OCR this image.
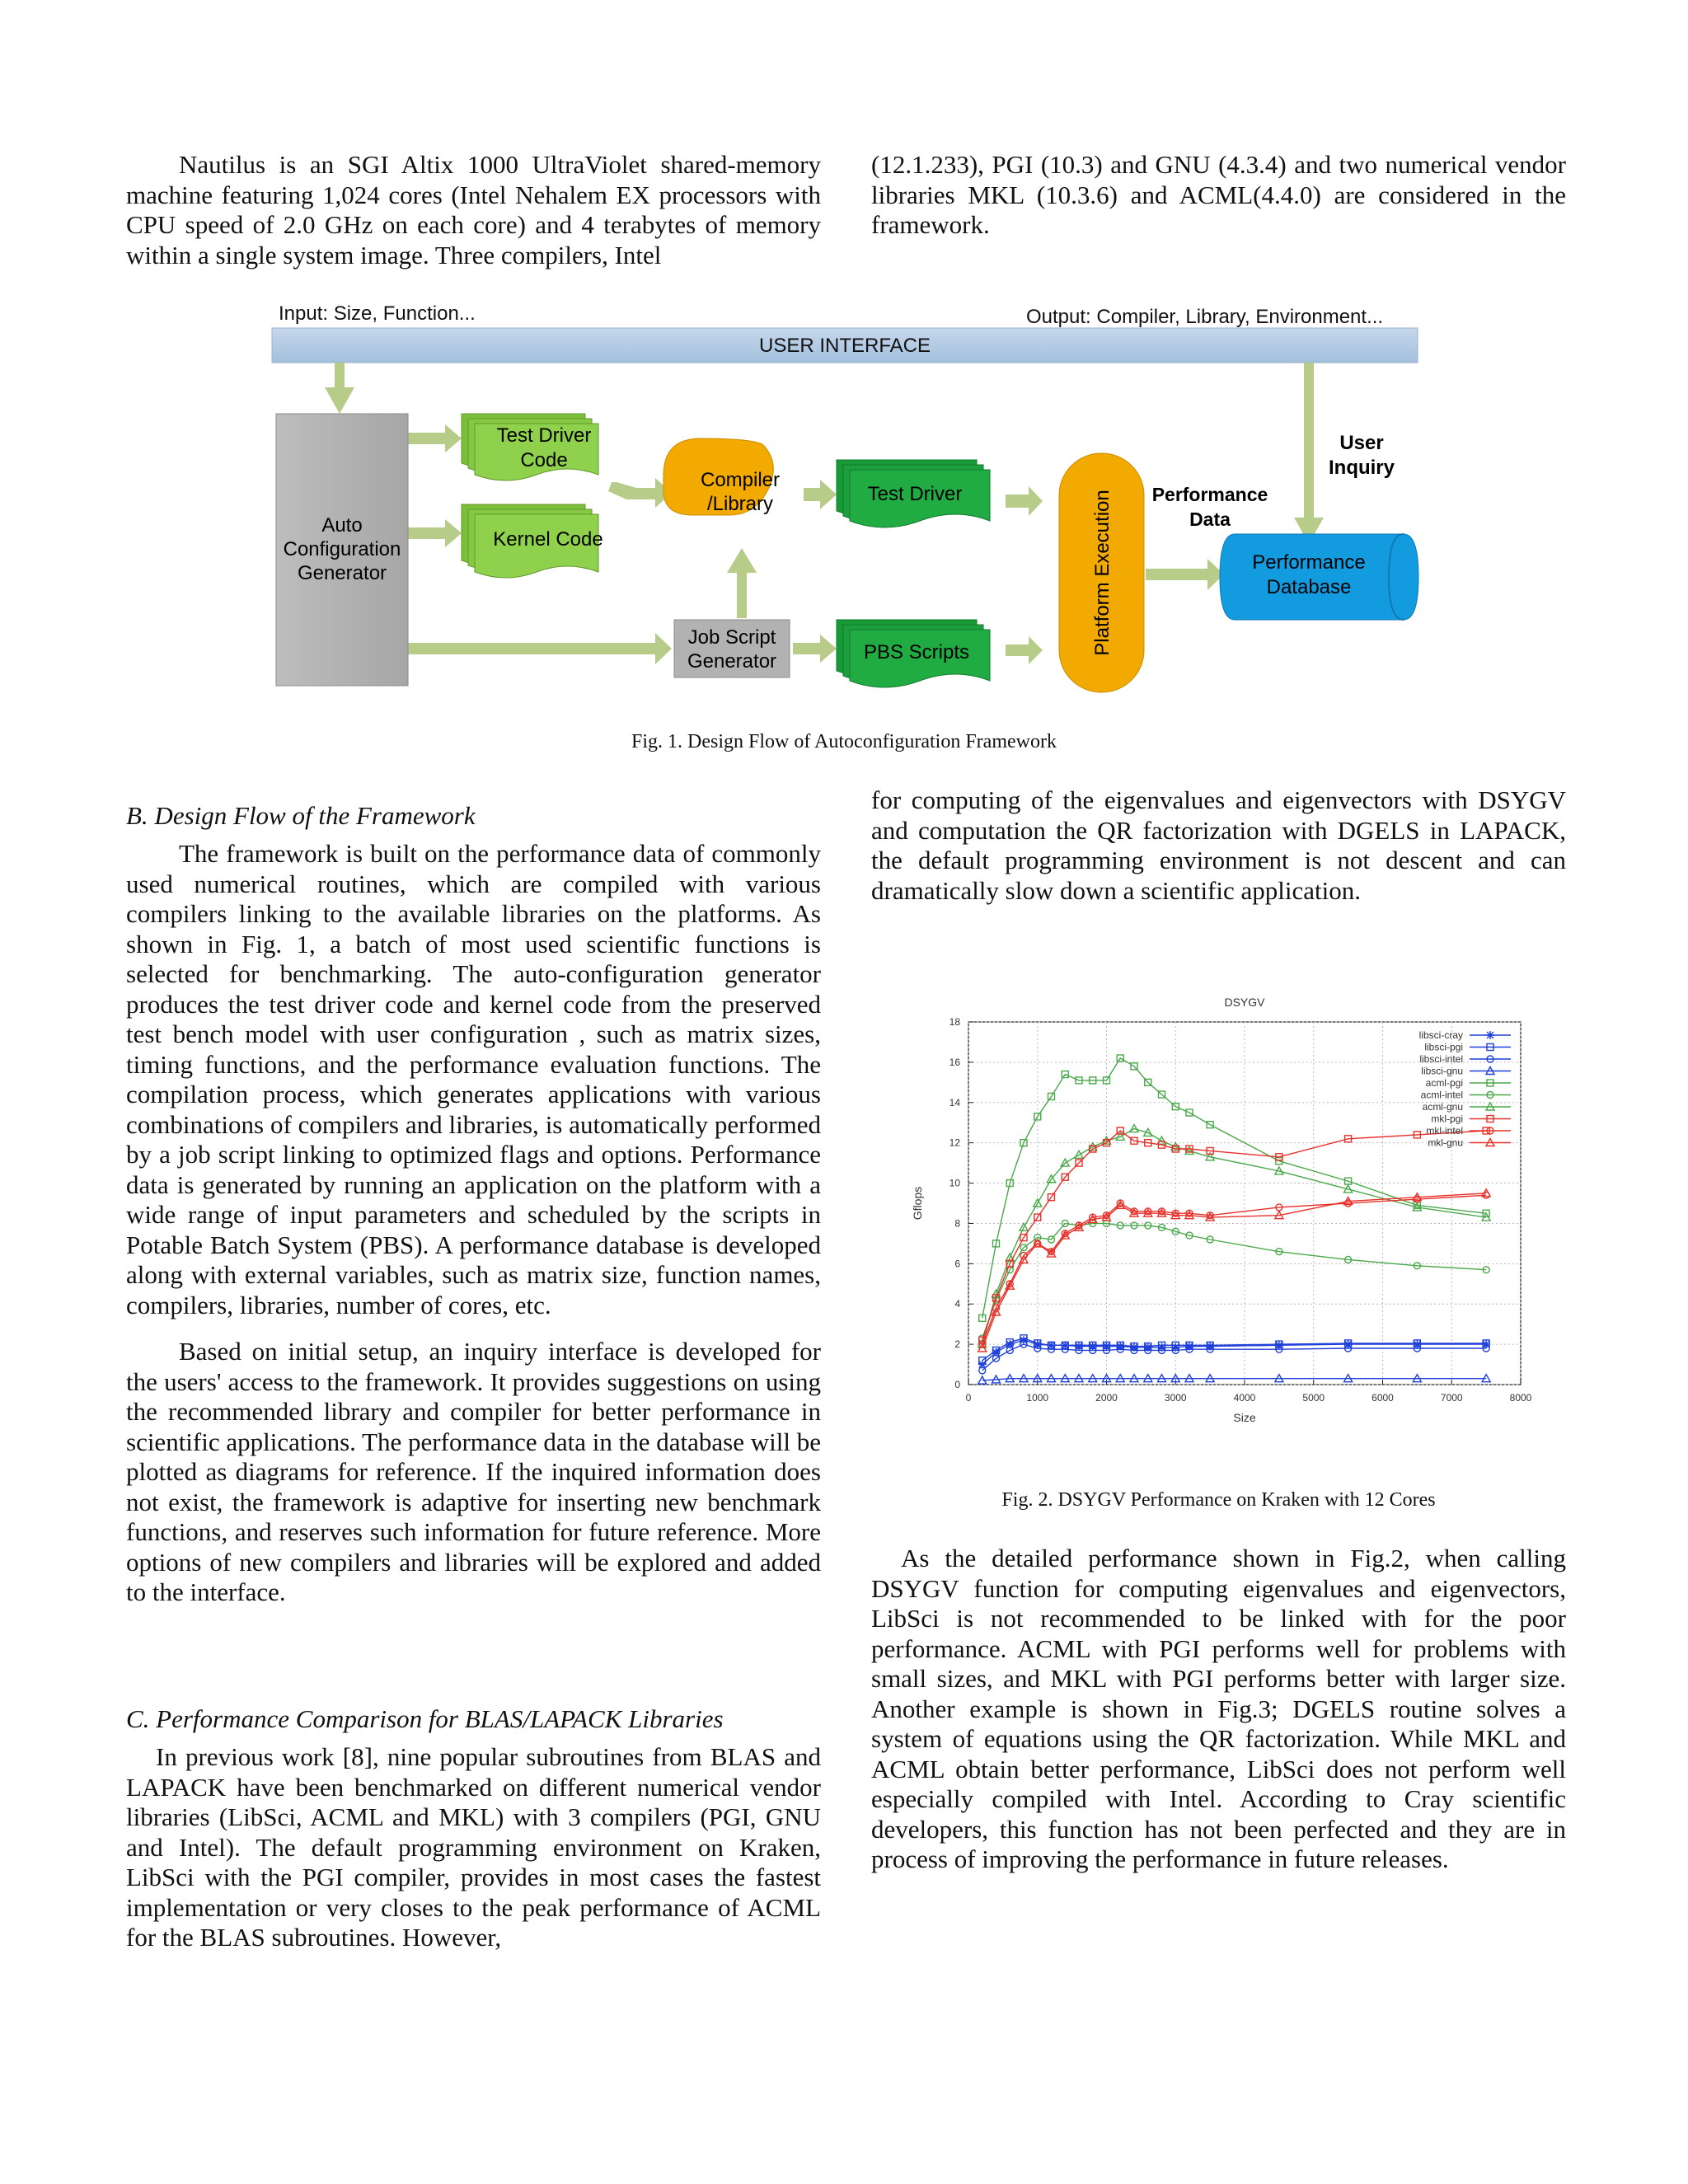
Nautilus is an SGI Altix 1000 UltraViolet shared-memory machine featuring 1,024 cores (Intel Nehalem EX processors with CPU speed of 2.0 GHz on each core) and 4 terabytes of memory within a single system image. Three compilers, Intel

(12.1.233), PGI (10.3) and GNU (4.3.4) and two numerical vendor libraries MKL (10.3.6) and ACML(4.4.0) are considered in the framework.

Input: Size, Function...	Output: Compiler, Library, Environment...
USER INTERFACE
Auto
Configuration
Generator
Test Driver
Code
Kernel Code
Compiler
/Library	Test Driver
Job Script
Generator	PBS Scripts	Platform Execution Performance
Data
User
Inquiry
Performance
Database
Fig. 1. Design Flow of Autoconfiguration Framework
B. Design Flow of the Framework

The framework is built on the performance data of commonly used numerical routines, which are compiled with various compilers linking to the available libraries on the platforms. As shown in Fig. 1, a batch of most used scientific functions is selected for benchmarking. The auto-configuration generator produces the test driver code and kernel code from the preserved test bench model with user configuration , such as matrix sizes, timing functions, and the performance evaluation functions. The compilation process, which generates applications with various combinations of compilers and libraries, is automatically performed by a job script linking to optimized flags and options. Performance data is generated by running an application on the platform with a wide range of input parameters and scheduled by the scripts in Potable Batch System (PBS). A performance database is developed along with external variables, such as matrix size, function names, compilers, libraries, number of cores, etc.

Based on initial setup, an inquiry interface is developed for the users' access to the framework. It provides suggestions on using the recommended library and compiler for better performance in scientific applications. The performance data in the database will be plotted as diagrams for reference. If the inquired information does not exist, the framework is adaptive for inserting new benchmark functions, and reserves such information for future reference. More options of new compilers and libraries will be explored and added to the interface.

C. Performance Comparison for BLAS/LAPACK Libraries

In previous work [8], nine popular subroutines from BLAS and LAPACK have been benchmarked on different numerical vendor libraries (LibSci, ACML and MKL) with 3 compilers (PGI, GNU and Intel). The default programming environment on Kraken, LibSci with the PGI compiler, provides in most cases the fastest implementation or very closes to the peak performance of ACML for the BLAS subroutines. However,

for computing of the eigenvalues and eigenvectors with DSYGV and computation the QR factorization with DGELS in LAPACK, the default programming environment is not descent and can dramatically slow down a scientific application.

DSYGV
0	1000	2000	3000	4000	5000	6000	7000	8000
0
2
4
6
8
10
12
14
16
18
libsci-cray
libsci-pgi
libsci-intel
libsci-gnu
acml-pgi
acml-intel
acml-gnu
mkl-pgi
mkl-intel
mkl-gnu
Size
Gflops
Fig. 2. DSYGV Performance on Kraken with 12 Cores

As the detailed performance shown in Fig.2, when calling DSYGV function for computing eigenvalues and eigenvectors, LibSci is not recommended to be linked with for the poor performance. ACML with PGI performs well for problems with small sizes, and MKL with PGI performs better with larger size. Another example is shown in Fig.3; DGELS routine solves a system of equations using the QR factorization. While MKL and ACML obtain better performance, LibSci does not perform well especially compiled with Intel. According to Cray scientific developers, this function has not been perfected and they are in process of improving the performance in future releases.
